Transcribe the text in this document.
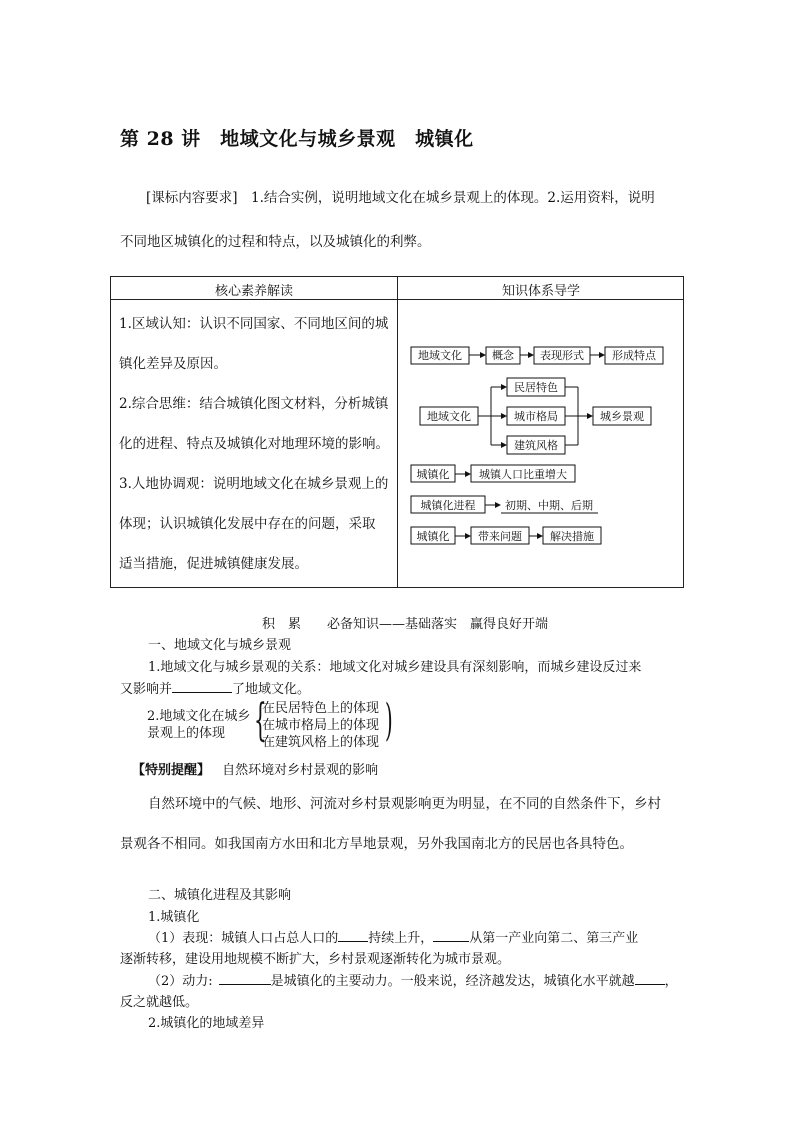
第 28 讲　地域文化与城乡景观　城镇化
[课标内容要求]　1.结合实例，说明地域文化在城乡景观上的体现。2.运用资料，说明
不同地区城镇化的过程和特点，以及城镇化的利弊。
核心素养解读	知识体系导学
1.区域认知：认识不同国家、不同地区间的城
镇化差异及原因。
2.综合思维：结合城镇化图文材料，分析城镇
化的进程、特点及城镇化对地理环境的影响。
3.人地协调观：说明地域文化在城乡景观上的
体现；认识城镇化发展中存在的问题，采取
适当措施，促进城镇健康发展。
地域文化	概念 表现形式	形成特点
地域文化
民居特色
城市格局
建筑风格
城乡景观
城镇化	城镇人口比重增大
城镇化进程	初期、中期、后期
城镇化	带来问题	解决措施
积　累　　必备知识——基础落实　赢得良好开端
一、地域文化与城乡景观
1.地域文化与城乡景观的关系：地域文化对城乡建设具有深刻影响，而城乡建设反过来
又影响并	了地域文化。
2.地域文化在城乡
景观上的体现 {
在民居特色上的体现
在城市格局上的体现
在建筑风格上的体现 )
【特别提醒】 自然环境对乡村景观的影响
自然环境中的气候、地形、河流对乡村景观影响更为明显，在不同的自然条件下，乡村
景观各不相同。如我国南方水田和北方旱地景观，另外我国南北方的民居也各具特色。
二、城镇化进程及其影响
1.城镇化
（1）表现：城镇人口占总人口的 持续上升，	从第一产业向第二、第三产业
逐渐转移，建设用地规模不断扩大，乡村景观逐渐转化为城市景观。
（2）动力:	是城镇化的主要动力。一般来说，经济越发达，城镇化水平就越 ，
反之就越低。
2.城镇化的地域差异
